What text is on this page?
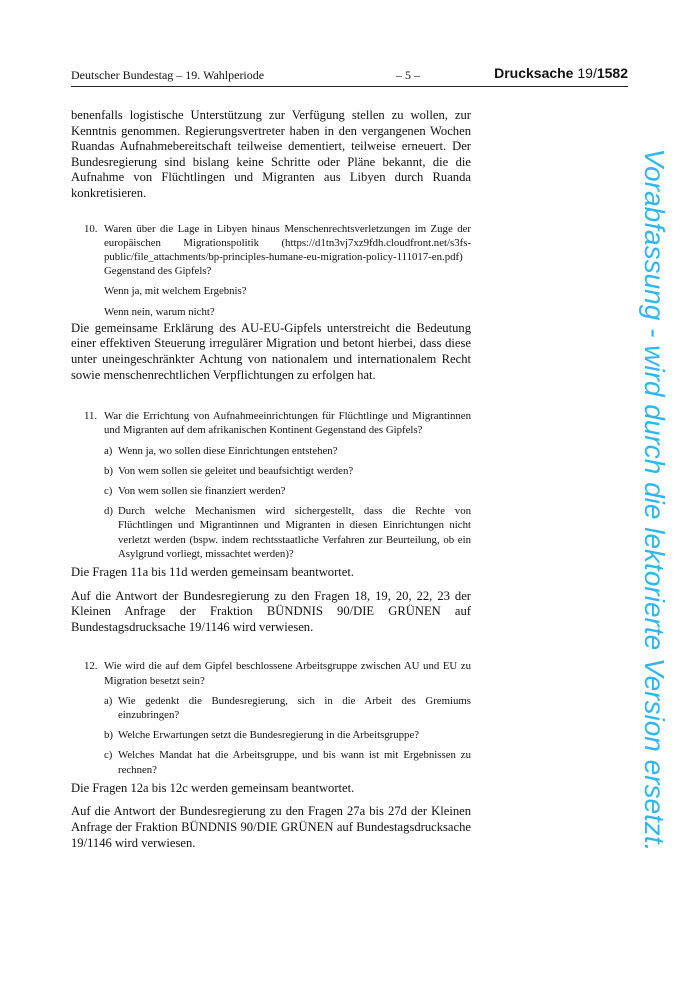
Deutscher Bundestag – 19. Wahlperiode	– 5 –	Drucksache 19/1582
Vorabfassung - wird durch die lektorierte Version ersetzt.

benenfalls logistische Unterstützung zur Verfügung stellen zu wollen, zur Kenntnis genommen. Regierungsvertreter haben in den vergangenen Wochen Ruandas Aufnahmebereitschaft teilweise dementiert, teilweise erneuert. Der Bundesregierung sind bislang keine Schritte oder Pläne bekannt, die die Aufnahme von Flüchtlingen und Migranten aus Libyen durch Ruanda konkretisieren.

10. Waren über die Lage in Libyen hinaus Menschenrechtsverletzungen im Zuge der europäischen Migrationspolitik (https://d1tn3vj7xz9fdh.cloudfront.net/s3fs-public/file_attachments/bp-principles-humane-eu-migration-policy-111017-en.pdf) Gegenstand des Gipfels?

Wenn ja, mit welchem Ergebnis?

Wenn nein, warum nicht?

Die gemeinsame Erklärung des AU-EU-Gipfels unterstreicht die Bedeutung einer effektiven Steuerung irregulärer Migration und betont hierbei, dass diese unter uneingeschränkter Achtung von nationalem und internationalem Recht sowie menschenrechtlichen Verpflichtungen zu erfolgen hat.

11. War die Errichtung von Aufnahmeeinrichtungen für Flüchtlinge und Migrantinnen und Migranten auf dem afrikanischen Kontinent Gegenstand des Gipfels?

a) Wenn ja, wo sollen diese Einrichtungen entstehen?

b) Von wem sollen sie geleitet und beaufsichtigt werden?

c) Von wem sollen sie finanziert werden?

d) Durch welche Mechanismen wird sichergestellt, dass die Rechte von Flüchtlingen und Migrantinnen und Migranten in diesen Einrichtungen nicht verletzt werden (bspw. indem rechtsstaatliche Verfahren zur Beurteilung, ob ein Asylgrund vorliegt, missachtet werden)?

Die Fragen 11a bis 11d werden gemeinsam beantwortet.

Auf die Antwort der Bundesregierung zu den Fragen 18, 19, 20, 22, 23 der Kleinen Anfrage der Fraktion BÜNDNIS 90/DIE GRÜNEN auf Bundestagsdrucksache 19/1146 wird verwiesen.

12. Wie wird die auf dem Gipfel beschlossene Arbeitsgruppe zwischen AU und EU zu Migration besetzt sein?

a) Wie gedenkt die Bundesregierung, sich in die Arbeit des Gremiums einzubringen?

b) Welche Erwartungen setzt die Bundesregierung in die Arbeitsgruppe?

c) Welches Mandat hat die Arbeitsgruppe, und bis wann ist mit Ergebnissen zu rechnen?

Die Fragen 12a bis 12c werden gemeinsam beantwortet.

Auf die Antwort der Bundesregierung zu den Fragen 27a bis 27d der Kleinen Anfrage der Fraktion BÜNDNIS 90/DIE GRÜNEN auf Bundestagsdrucksache 19/1146 wird verwiesen.
